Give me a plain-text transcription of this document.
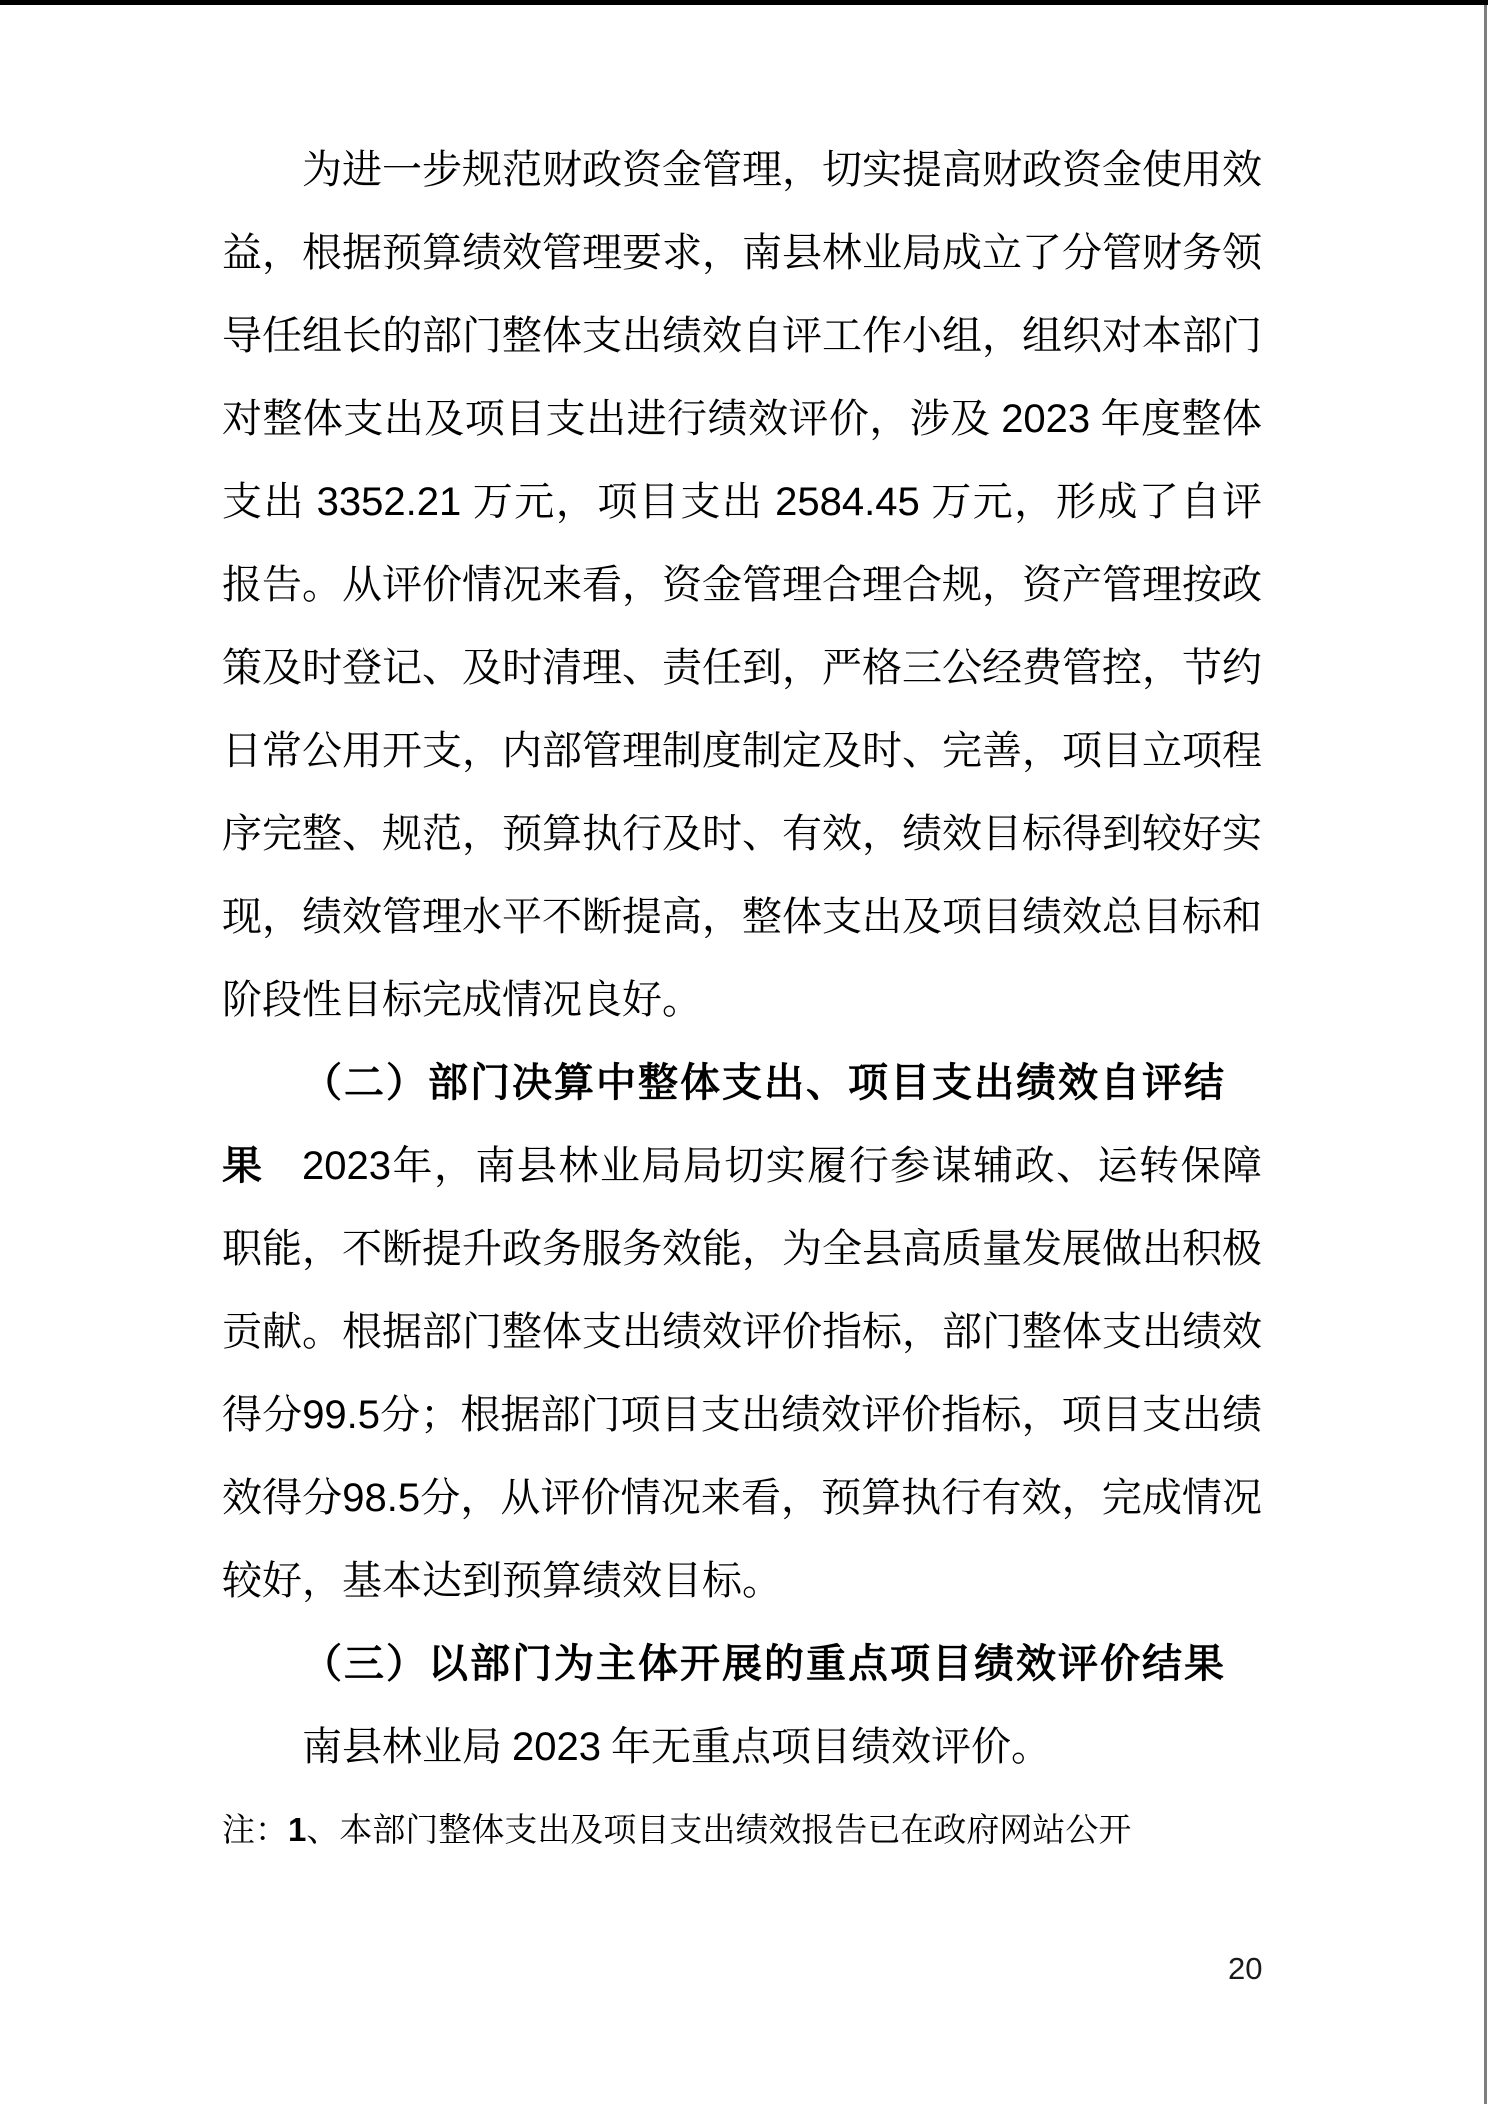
为进一步规范财政资金管理，切实提高财政资金使用效
益，根据预算绩效管理要求，南县林业局成立了分管财务领
导任组长的部门整体支出绩效自评工作小组，组织对本部门
对整体支出及项目支出进行绩效评价，涉及 2023 年度整体
支出 3352.21 万元，项目支出 2584.45 万元，形成了自评
报告。从评价情况来看，资金管理合理合规，资产管理按政
策及时登记、及时清理、责任到，严格三公经费管控，节约
日常公用开支，内部管理制度制定及时、完善，项目立项程
序完整、规范，预算执行及时、有效，绩效目标得到较好实
现，绩效管理水平不断提高，整体支出及项目绩效总目标和
阶段性目标完成情况良好。
（二）部门决算中整体支出、项目支出绩效自评结果 2023年，南县林业局局切实履行参谋辅政、运转保障
职能，不断提升政务服务效能，为全县高质量发展做出积极
贡献。根据部门整体支出绩效评价指标，部门整体支出绩效
得分99.5分；根据部门项目支出绩效评价指标，项目支出绩
效得分98.5分，从评价情况来看，预算执行有效，完成情况
较好，基本达到预算绩效目标。
（三）以部门为主体开展的重点项目绩效评价结果
南县林业局 2023 年无重点项目绩效评价。
注：1、本部门整体支出及项目支出绩效报告已在政府网站公开
20
